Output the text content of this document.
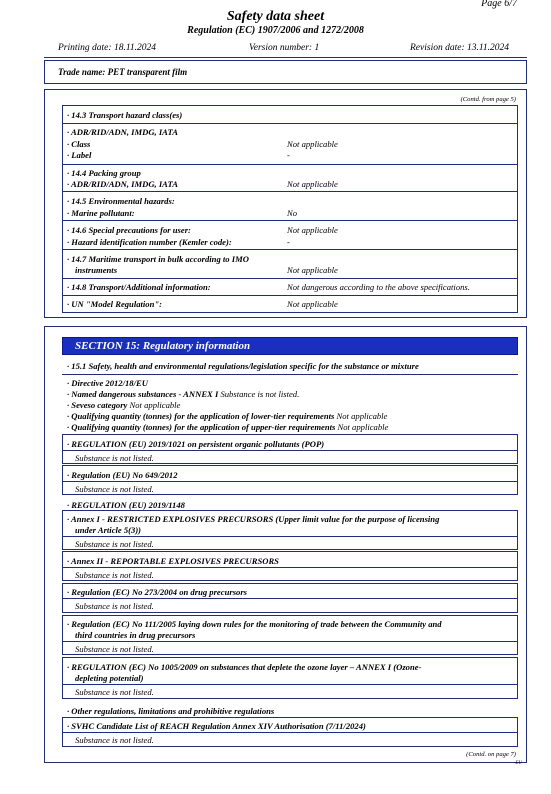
Page 6/7
Safety data sheet
Regulation (EC) 1907/2006 and 1272/2008
Printing date: 18.11.2024	Version number: 1	Revision date: 13.11.2024
Trade name: PET transparent film
(Contd. from page 5)
· 14.3 Transport hazard class(es)
· ADR/RID/ADN, IMDG, IATA
· Class	Not applicable
· Label	-
· 14.4 Packing group
· ADR/RID/ADN, IMDG, IATA	Not applicable
· 14.5 Environmental hazards:
· Marine pollutant:	No
· 14.6 Special precautions for user:	Not applicable
· Hazard identification number (Kemler code):	-
· 14.7 Maritime transport in bulk according to IMO
instruments	Not applicable
· 14.8 Transport/Additional information:	Not dangerous according to the above specifications.
· UN "Model Regulation":	Not applicable
SECTION 15: Regulatory information
· 15.1 Safety, health and environmental regulations/legislation specific for the substance or mixture
· Directive 2012/18/EU
· Named dangerous substances - ANNEX I Substance is not listed.
· Seveso category Not applicable
· Qualifying quantity (tonnes) for the application of lower-tier requirements Not applicable
· Qualifying quantity (tonnes) for the application of upper-tier requirements Not applicable
· REGULATION (EU) 2019/1021 on persistent organic pollutants (POP)
Substance is not listed.
· Regulation (EU) No 649/2012
Substance is not listed.
· REGULATION (EU) 2019/1148
· Annex I - RESTRICTED EXPLOSIVES PRECURSORS (Upper limit value for the purpose of licensing
under Article 5(3))
Substance is not listed.
· Annex II - REPORTABLE EXPLOSIVES PRECURSORS
Substance is not listed.
· Regulation (EC) No 273/2004 on drug precursors
Substance is not listed.
· Regulation (EC) No 111/2005 laying down rules for the monitoring of trade between the Community and
third countries in drug precursors
Substance is not listed.
· REGULATION (EC) No 1005/2009 on substances that deplete the ozone layer – ANNEX I (Ozone-
depleting potential)
Substance is not listed.
· Other regulations, limitations and prohibitive regulations
· SVHC Candidate List of REACH Regulation Annex XIV Authorisation (7/11/2024)
Substance is not listed.
(Contd. on page 7)
EU
